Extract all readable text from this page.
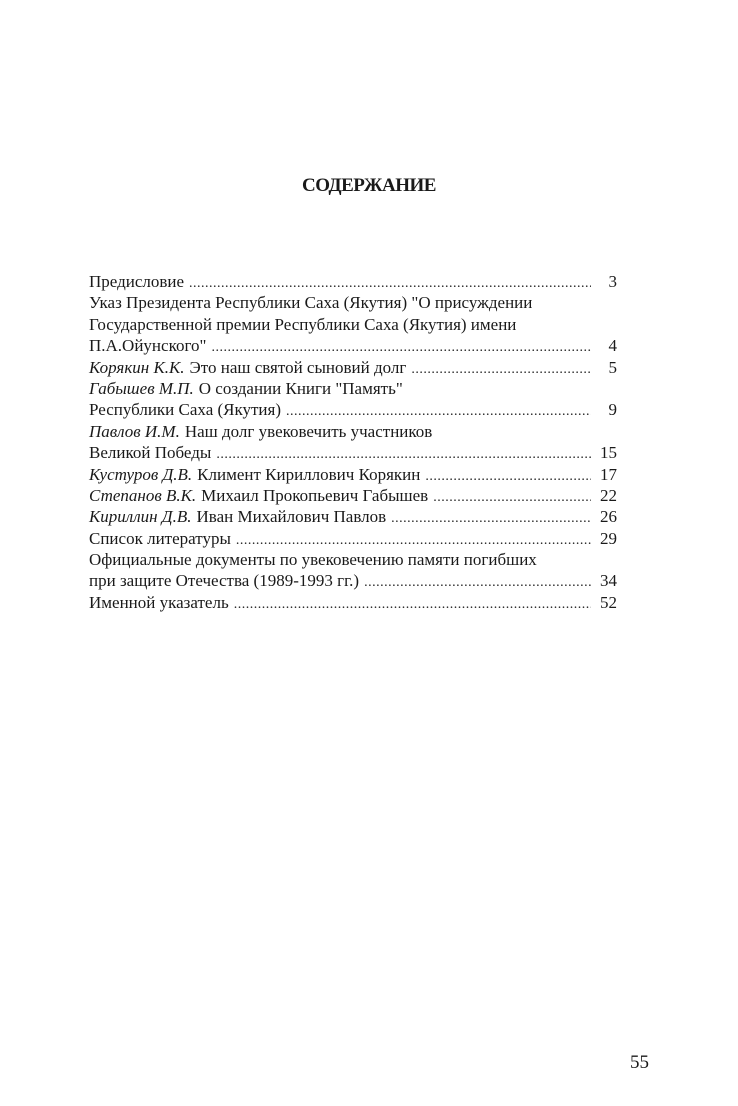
СОДЕРЖАНИЕ
Предисловие .....	3
Указ Президента Республики Саха (Якутия) "О присуждении
Государственной премии Республики Саха (Якутия) имени
П.А.Ойунского" .....	4
Корякин К.К. Это наш святой сыновий долг .....	5
Габышев М.П. О создании Книги "Память"
Республики Саха (Якутия) .....	9
Павлов И.М. Наш долг увековечить участников
Великой Победы .....	15
Кустуров Д.В. Климент Кириллович Корякин .....	17
Степанов В.К. Михаил Прокопьевич Габышев .....	22
Кириллин Д.В. Иван Михайлович Павлов .....	26
Список литературы .....	29
Официальные документы по увековечению памяти погибших
при защите Отечества (1989-1993 гг.) .....	34
Именной указатель .....	52
55
